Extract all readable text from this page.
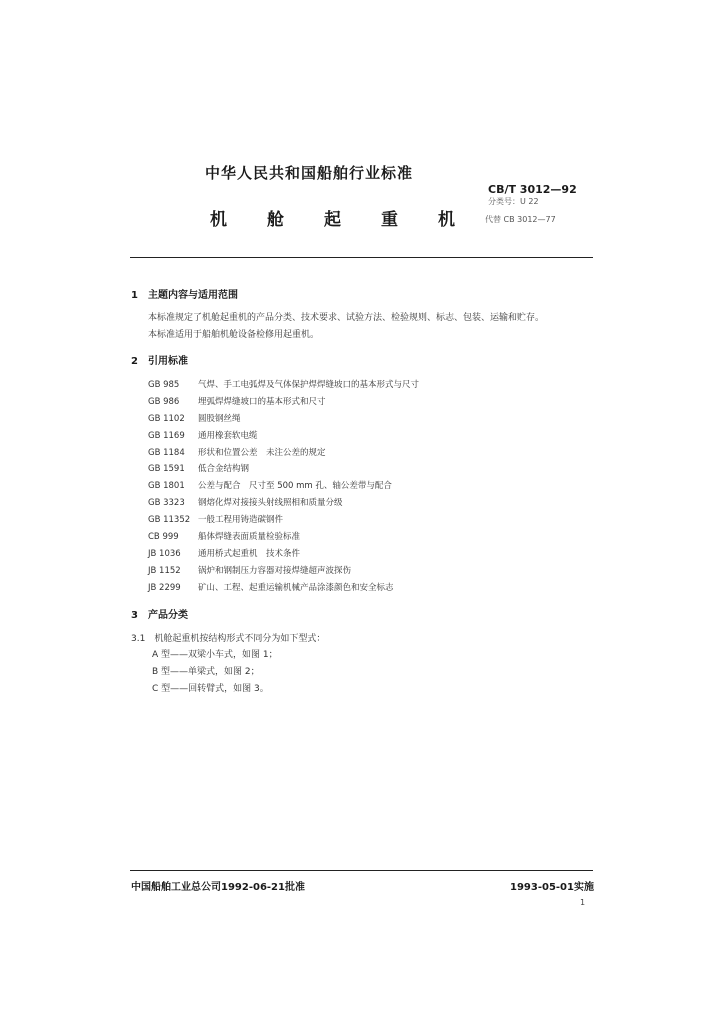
中华人民共和国船舶行业标准
机 舱 起 重 机
CB/T 3012—92
分类号：U 22
代替 CB 3012—77
1　主题内容与适用范围
本标准规定了机舱起重机的产品分类、技术要求、试验方法、检验规则、标志、包装、运输和贮存。
本标准适用于船舶机舱设备检修用起重机。
2　引用标准
GB 985 气焊、手工电弧焊及气体保护焊焊缝坡口的基本形式与尺寸
GB 986 埋弧焊焊缝坡口的基本形式和尺寸
GB 1102 圆股钢丝绳
GB 1169 通用橡套软电缆
GB 1184 形状和位置公差　未注公差的规定
GB 1591 低合金结构钢
GB 1801 公差与配合　尺寸至 500 mm 孔、轴公差带与配合
GB 3323 钢熔化焊对接接头射线照相和质量分级
GB 11352 一般工程用铸造碳钢件
CB 999 船体焊缝表面质量检验标准
JB 1036 通用桥式起重机　技术条件
JB 1152 锅炉和钢制压力容器对接焊缝超声波探伤
JB 2299 矿山、工程、起重运输机械产品涂漆颜色和安全标志
3　产品分类
3.1　机舱起重机按结构形式不同分为如下型式：
A 型——双梁小车式，如图 1；
B 型——单梁式，如图 2；
C 型——回转臂式，如图 3。
中国船舶工业总公司1992-06-21批准	1993-05-01实施
1
